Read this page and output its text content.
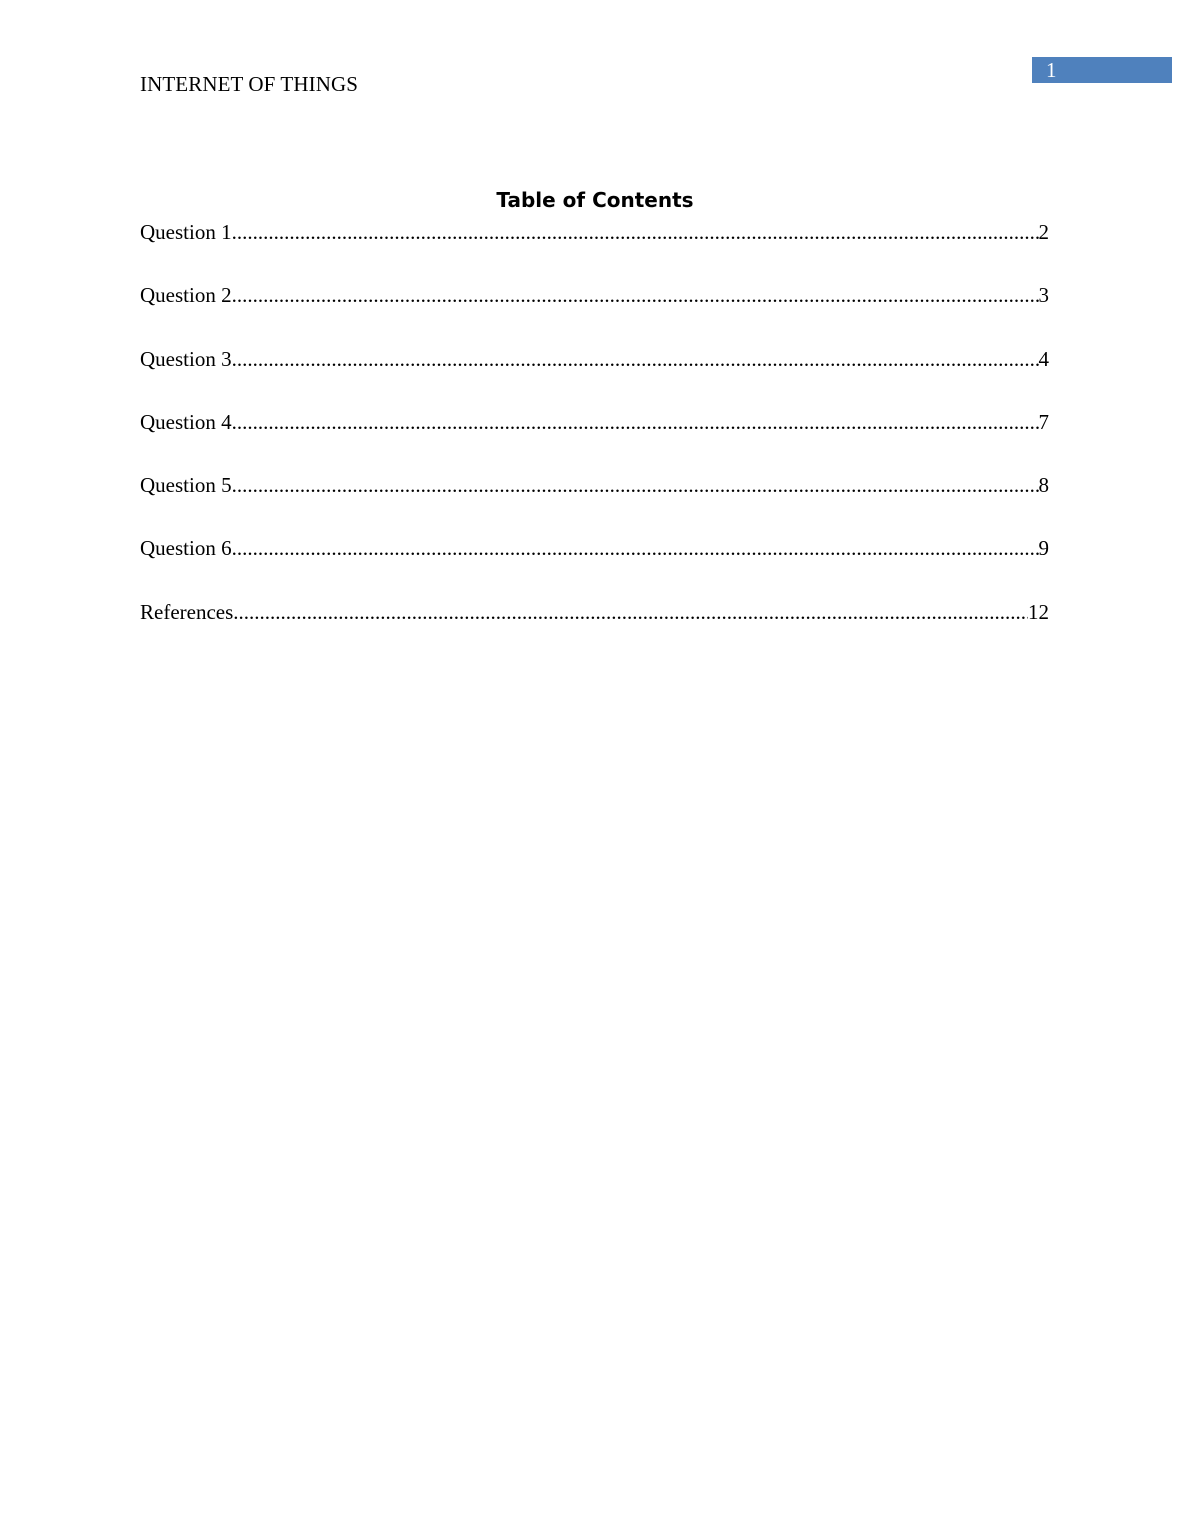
INTERNET OF THINGS
1
Table of Contents
Question 1 .....	2
Question 2 .....	3
Question 3 .....	4
Question 4 .....	7
Question 5 .....	8
Question 6 .....	9
References .....	12
